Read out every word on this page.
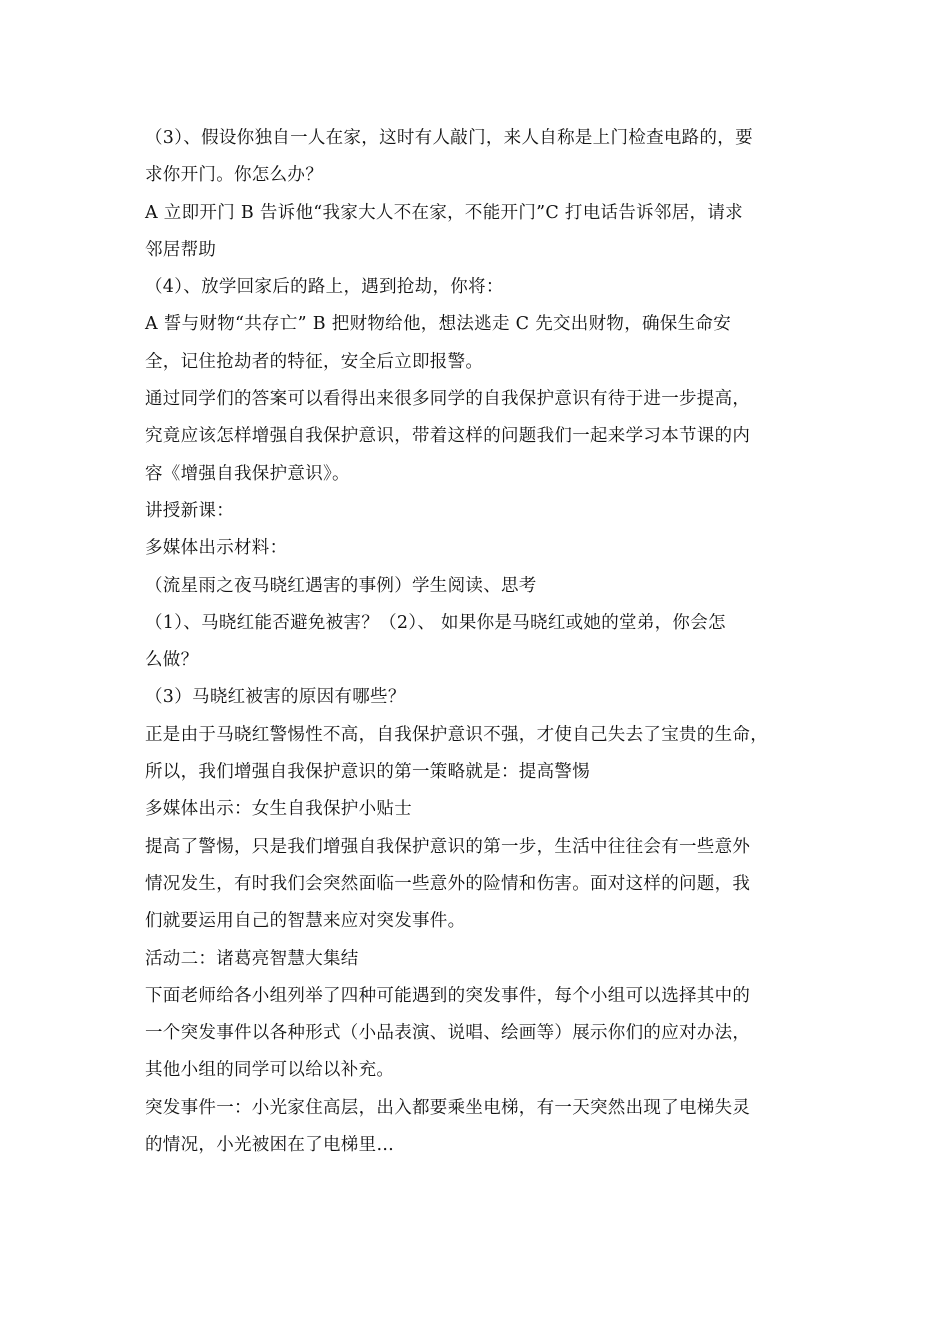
（3）、假设你独自一人在家，这时有人敲门，来人自称是上门检查电路的，要
求你开门。你怎么办？
A 立即开门 B 告诉他“我家大人不在家，不能开门”C 打电话告诉邻居，请求
邻居帮助
（4）、放学回家后的路上，遇到抢劫，你将：
A 誓与财物“共存亡” B 把财物给他，想法逃走 C 先交出财物，确保生命安
全，记住抢劫者的特征，安全后立即报警。
通过同学们的答案可以看得出来很多同学的自我保护意识有待于进一步提高，
究竟应该怎样增强自我保护意识，带着这样的问题我们一起来学习本节课的内
容《增强自我保护意识》。
讲授新课：
多媒体出示材料：
（流星雨之夜马晓红遇害的事例）学生阅读、思考
（1）、马晓红能否避免被害？（2）、 如果你是马晓红或她的堂弟，你会怎
么做？
（3）马晓红被害的原因有哪些？
正是由于马晓红警惕性不高，自我保护意识不强，才使自己失去了宝贵的生命，
所以，我们增强自我保护意识的第一策略就是：提高警惕
多媒体出示：女生自我保护小贴士
提高了警惕，只是我们增强自我保护意识的第一步，生活中往往会有一些意外
情况发生，有时我们会突然面临一些意外的险情和伤害。面对这样的问题，我
们就要运用自己的智慧来应对突发事件。
活动二：诸葛亮智慧大集结
下面老师给各小组列举了四种可能遇到的突发事件，每个小组可以选择其中的
一个突发事件以各种形式（小品表演、说唱、绘画等）展示你们的应对办法，
其他小组的同学可以给以补充。
突发事件一：小光家住高层，出入都要乘坐电梯，有一天突然出现了电梯失灵
的情况，小光被困在了电梯里…
